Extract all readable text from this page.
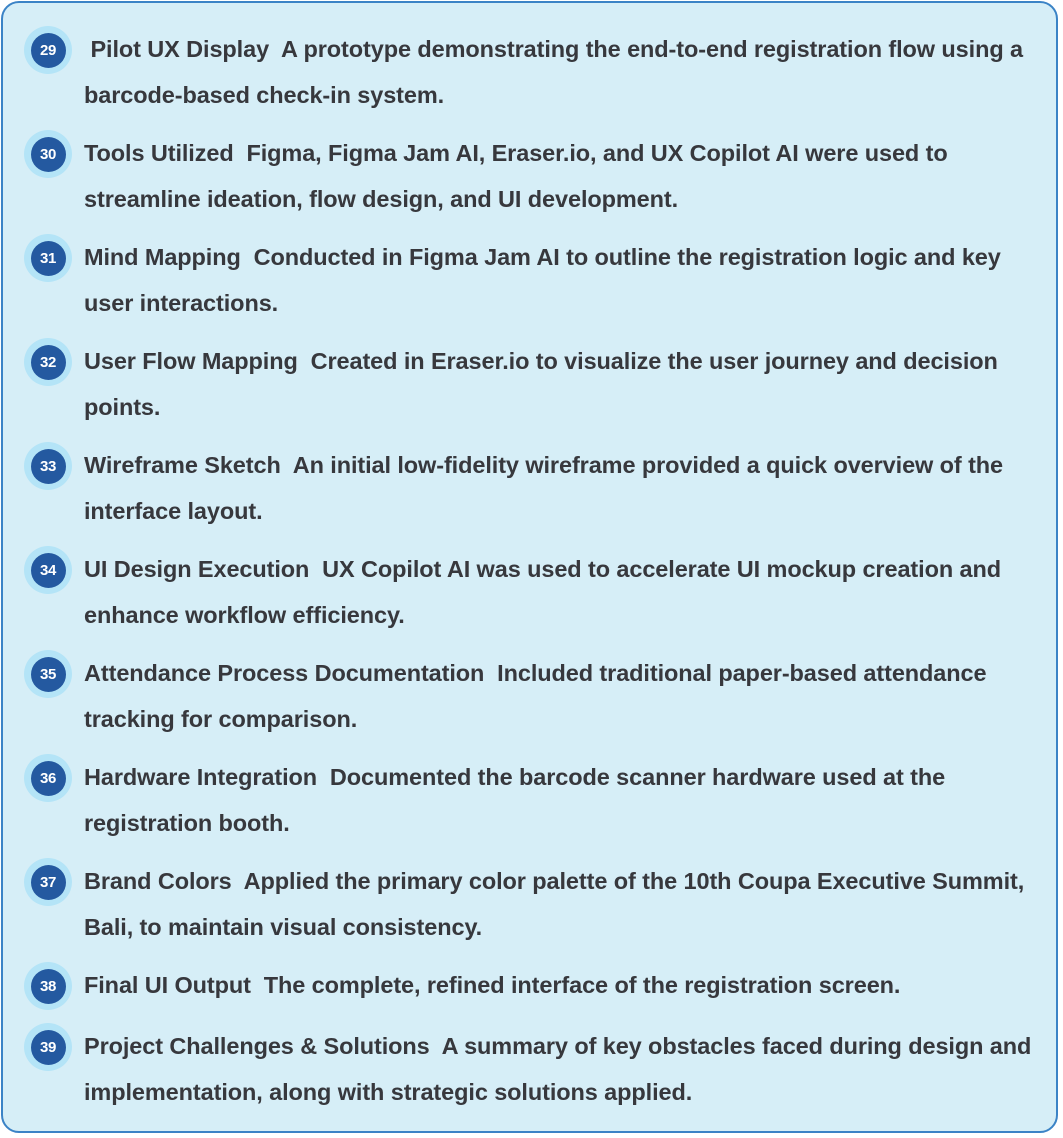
29	Pilot UX Display A prototype demonstrating the end-to-end registration flow using a barcode-based check-in system.

30	Tools Utilized Figma, Figma Jam AI, Eraser.io, and UX Copilot AI were used to streamline ideation, flow design, and UI development.

31	Mind Mapping Conducted in Figma Jam AI to outline the registration logic and key user interactions.

32	User Flow Mapping Created in Eraser.io to visualize the user journey and decision points.

33	Wireframe Sketch An initial low-fidelity wireframe provided a quick overview of the interface layout.

34	UI Design Execution UX Copilot AI was used to accelerate UI mockup creation and enhance workflow efficiency.

35	Attendance Process Documentation Included traditional paper-based attendance tracking for comparison.

36	Hardware Integration Documented the barcode scanner hardware used at the registration booth.

37	Brand Colors Applied the primary color palette of the 10th Coupa Executive Summit, Bali, to maintain visual consistency.

38	Final UI Output The complete, refined interface of the registration screen.

39	Project Challenges & Solutions A summary of key obstacles faced during design and implementation, along with strategic solutions applied.
